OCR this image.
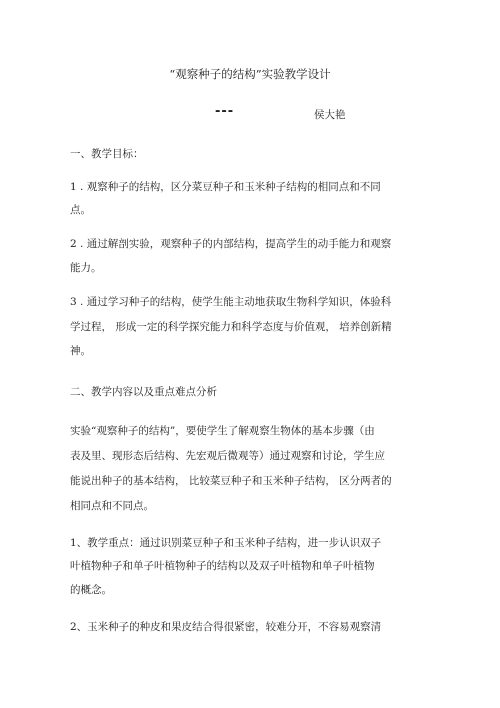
“观察种子的结构”实验教学设计
---	侯大艳
一、教学目标：
1 . 观察种子的结构，区分菜豆种子和玉米种子结构的相同点和不同
点。
2 . 通过解剖实验，观察种子的内部结构，提高学生的动手能力和观察
能力。
3 . 通过学习种子的结构，使学生能主动地获取生物科学知识，体验科
学过程， 形成一定的科学探究能力和科学态度与价值观， 培养创新精
神。
二、教学内容以及重点难点分析
实验“观察种子的结构”，要使学生了解观察生物体的基本步骤（由
表及里、现形态后结构、先宏观后微观等）通过观察和讨论，学生应
能说出种子的基本结构， 比较菜豆种子和玉米种子结构， 区分两者的
相同点和不同点。
1、教学重点：通过识别菜豆种子和玉米种子结构，进一步认识双子
叶植物种子和单子叶植物种子的结构以及双子叶植物和单子叶植物
的概念。
2、玉米种子的种皮和果皮结合得很紧密，较难分开，不容易观察清
